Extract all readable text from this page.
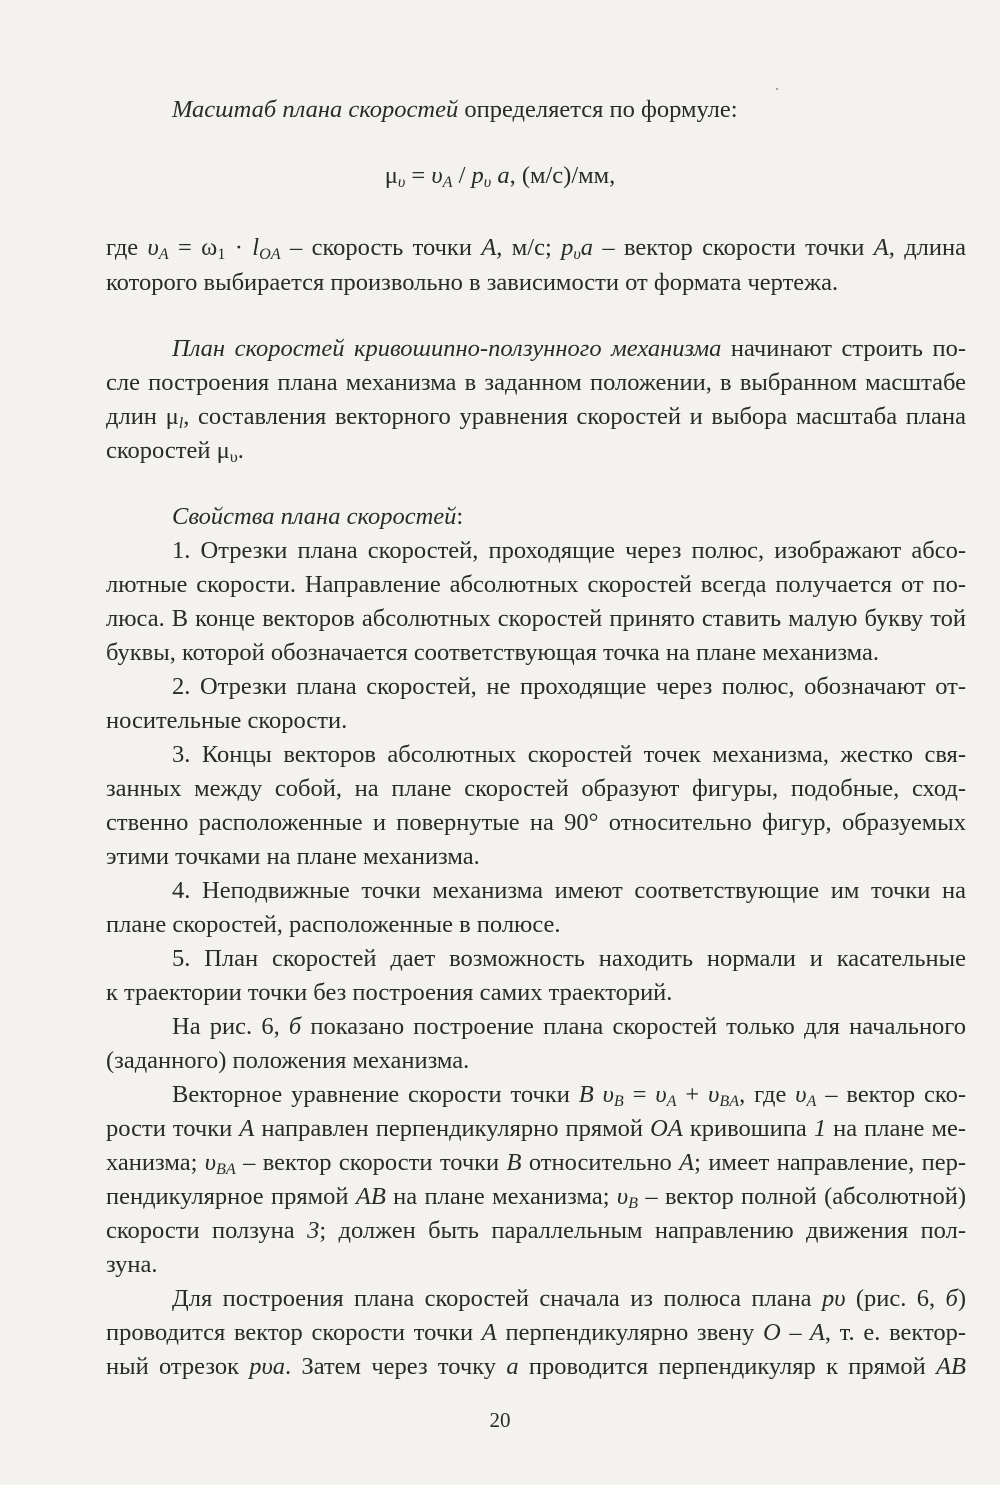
Масштаб плана скоростей определяется по формуле:
μυ = υA / pυ a, (м/с)/мм,
где υA = ω1 · lOA – скорость точки A, м/с; pυa – вектор скорости точки A, длина
которого выбирается произвольно в зависимости от формата чертежа.
План скоростей кривошипно-ползунного механизма начинают строить по-
сле построения плана механизма в заданном положении, в выбранном масштабе
длин μl, составления векторного уравнения скоростей и выбора масштаба плана
скоростей μυ.
Свойства плана скоростей:
1. Отрезки плана скоростей, проходящие через полюс, изображают абсо-
лютные скорости. Направление абсолютных скоростей всегда получается от по-
люса. В конце векторов абсолютных скоростей принято ставить малую букву той
буквы, которой обозначается соответствующая точка на плане механизма.
2. Отрезки плана скоростей, не проходящие через полюс, обозначают от-
носительные скорости.
3. Концы векторов абсолютных скоростей точек механизма, жестко свя-
занных между собой, на плане скоростей образуют фигуры, подобные, сход-
ственно расположенные и повернутые на 90° относительно фигур, образуемых
этими точками на плане механизма.
4. Неподвижные точки механизма имеют соответствующие им точки на
плане скоростей, расположенные в полюсе.
5. План скоростей дает возможность находить нормали и касательные
к траектории точки без построения самих траекторий.
На рис. 6, б показано построение плана скоростей только для начального
(заданного) положения механизма.
Векторное уравнение скорости точки B υB = υA + υBA, где υA – вектор ско-
рости точки A направлен перпендикулярно прямой OA кривошипа 1 на плане ме-
ханизма; υBA – вектор скорости точки B относительно A; имеет направление, пер-
пендикулярное прямой AB на плане механизма; υB – вектор полной (абсолютной)
скорости ползуна 3; должен быть параллельным направлению движения пол-
зуна.
Для построения плана скоростей сначала из полюса плана pυ (рис. 6, б)
проводится вектор скорости точки A перпендикулярно звену O – A, т. е. вектор-
ный отрезок pυa. Затем через точку a проводится перпендикуляр к прямой AB
20
